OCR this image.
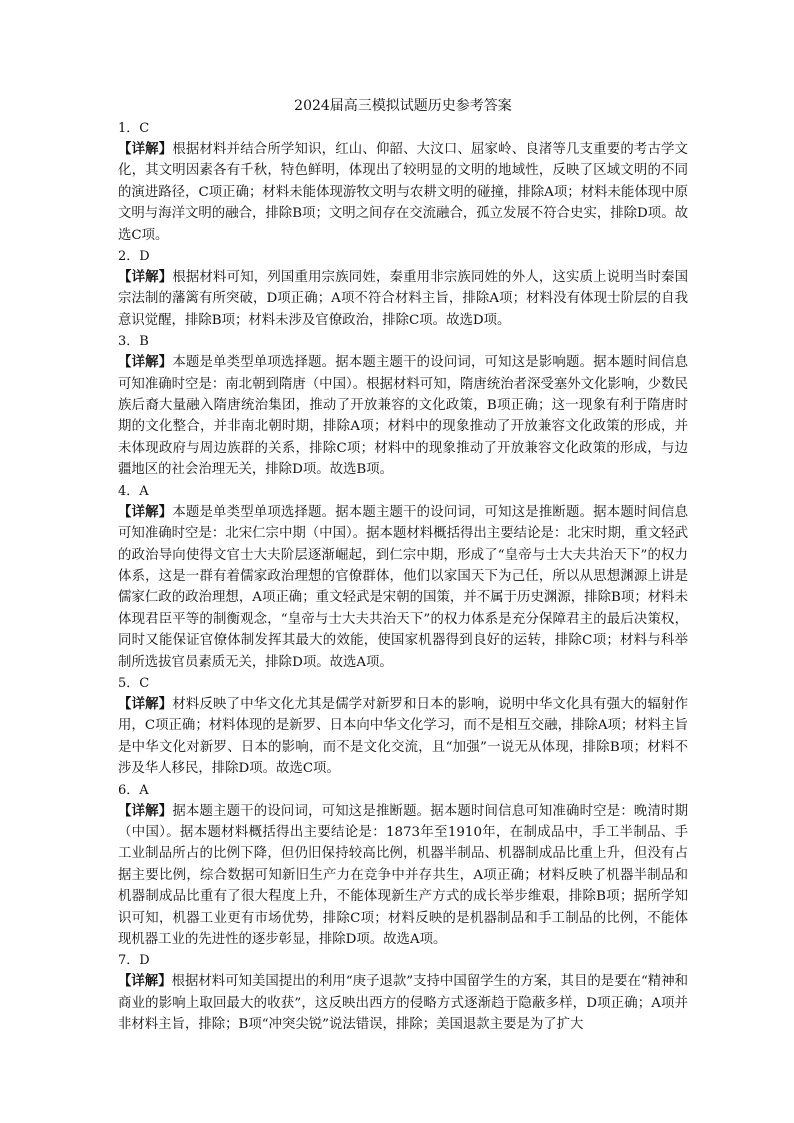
2024届高三模拟试题历史参考答案
1．C

【详解】根据材料并结合所学知识，红山、仰韶、大汶口、屈家岭、良渚等几支重要的考古学文化，其文明因素各有千秋，特色鲜明，体现出了较明显的文明的地域性，反映了区域文明的不同的演进路径，C项正确；材料未能体现游牧文明与农耕文明的碰撞，排除A项；材料未能体现中原文明与海洋文明的融合，排除B项；文明之间存在交流融合，孤立发展不符合史实，排除D项。故选C项。

2．D

【详解】根据材料可知，列国重用宗族同姓，秦重用非宗族同姓的外人，这实质上说明当时秦国宗法制的藩篱有所突破，D项正确；A项不符合材料主旨，排除A项；材料没有体现士阶层的自我意识觉醒，排除B项；材料未涉及官僚政治，排除C项。故选D项。

3．B

【详解】本题是单类型单项选择题。据本题主题干的设问词，可知这是影响题。据本题时间信息可知准确时空是：南北朝到隋唐（中国）。根据材料可知，隋唐统治者深受塞外文化影响，少数民族后裔大量融入隋唐统治集团，推动了开放兼容的文化政策，B项正确；这一现象有利于隋唐时期的文化整合，并非南北朝时期，排除A项；材料中的现象推动了开放兼容文化政策的形成，并未体现政府与周边族群的关系，排除C项；材料中的现象推动了开放兼容文化政策的形成，与边疆地区的社会治理无关，排除D项。故选B项。

4．A

【详解】本题是单类型单项选择题。据本题主题干的设问词，可知这是推断题。据本题时间信息可知准确时空是：北宋仁宗中期（中国）。据本题材料概括得出主要结论是：北宋时期，重文轻武的政治导向使得文官士大夫阶层逐渐崛起，到仁宗中期，形成了“皇帝与士大夫共治天下”的权力体系，这是一群有着儒家政治理想的官僚群体，他们以家国天下为己任，所以从思想渊源上讲是儒家仁政的政治理想，A项正确；重文轻武是宋朝的国策，并不属于历史渊源，排除B项；材料未体现君臣平等的制衡观念，“皇帝与士大夫共治天下”的权力体系是充分保障君主的最后决策权，同时又能保证官僚体制发挥其最大的效能，使国家机器得到良好的运转，排除C项；材料与科举制所选拔官员素质无关，排除D项。故选A项。

5．C

【详解】材料反映了中华文化尤其是儒学对新罗和日本的影响，说明中华文化具有强大的辐射作用，C项正确；材料体现的是新罗、日本向中华文化学习，而不是相互交融，排除A项；材料主旨是中华文化对新罗、日本的影响，而不是文化交流，且“加强”一说无从体现，排除B项；材料不涉及华人移民，排除D项。故选C项。

6．A

【详解】据本题主题干的设问词，可知这是推断题。据本题时间信息可知准确时空是：晚清时期（中国）。据本题材料概括得出主要结论是：1873年至1910年，在制成品中，手工半制品、手工业制品所占的比例下降，但仍旧保持较高比例，机器半制品、机器制成品比重上升，但没有占据主要比例，综合数据可知新旧生产力在竞争中并存共生，A项正确；材料反映了机器半制品和机器制成品比重有了很大程度上升，不能体现新生产方式的成长举步维艰，排除B项；据所学知识可知，机器工业更有市场优势，排除C项；材料反映的是机器制品和手工制品的比例，不能体现机器工业的先进性的逐步彰显，排除D项。故选A项。

7．D

【详解】根据材料可知美国提出的利用“庚子退款”支持中国留学生的方案，其目的是要在“精神和商业的影响上取回最大的收获”，这反映出西方的侵略方式逐渐趋于隐蔽多样，D项正确；A项并非材料主旨，排除；B项“冲突尖锐”说法错误，排除；美国退款主要是为了扩大
